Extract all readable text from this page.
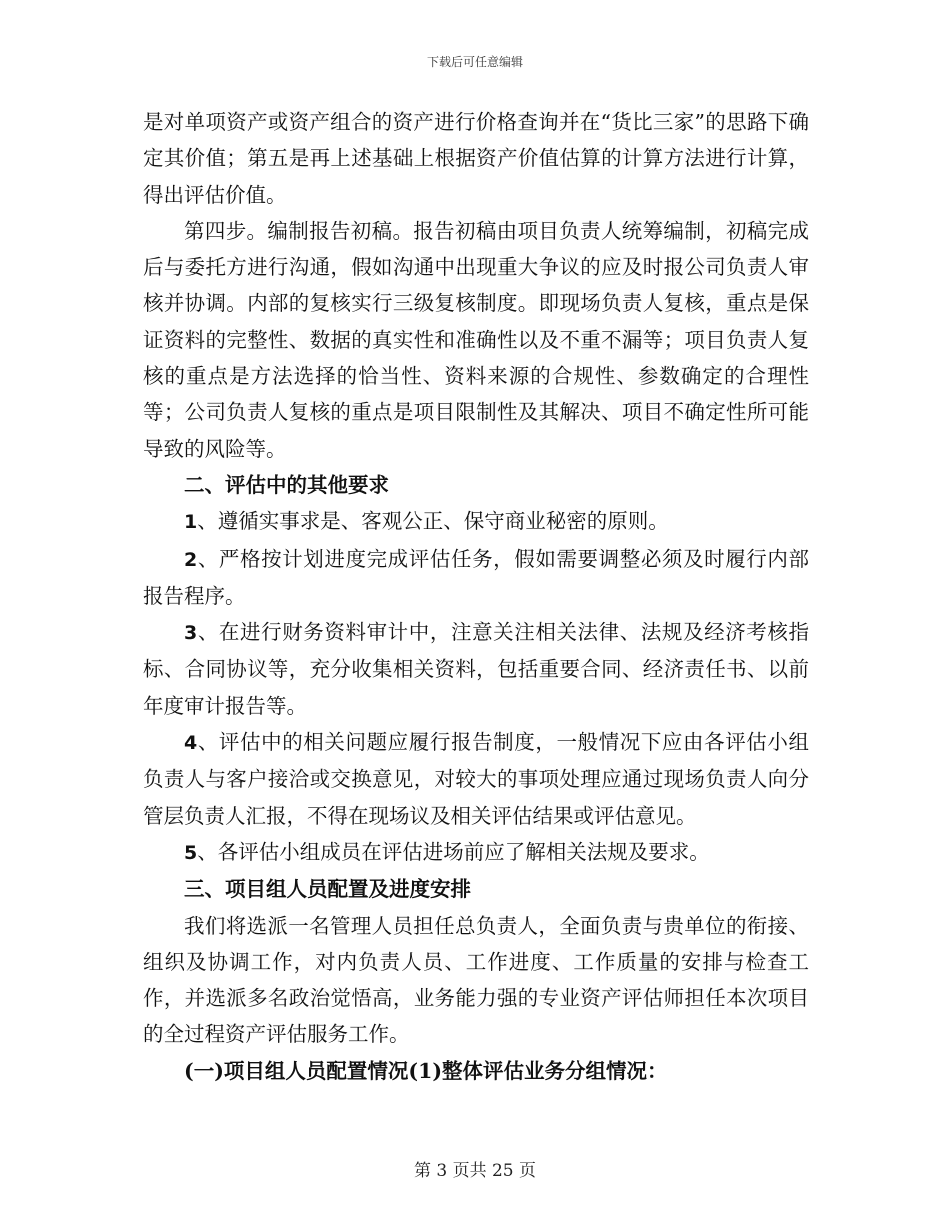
下载后可任意编辑

是对单项资产或资产组合的资产进行价格查询并在“货比三家”的思路下确定其价值；第五是再上述基础上根据资产价值估算的计算方法进行计算，得出评估价值。

第四步。编制报告初稿。报告初稿由项目负责人统筹编制，初稿完成后与委托方进行沟通，假如沟通中出现重大争议的应及时报公司负责人审核并协调。内部的复核实行三级复核制度。即现场负责人复核，重点是保证资料的完整性、数据的真实性和准确性以及不重不漏等；项目负责人复核的重点是方法选择的恰当性、资料来源的合规性、参数确定的合理性等；公司负责人复核的重点是项目限制性及其解决、项目不确定性所可能导致的风险等。

二、评估中的其他要求

1、遵循实事求是、客观公正、保守商业秘密的原则。

2、严格按计划进度完成评估任务，假如需要调整必须及时履行内部报告程序。

3、在进行财务资料审计中，注意关注相关法律、法规及经济考核指标、合同协议等，充分收集相关资料，包括重要合同、经济责任书、以前年度审计报告等。

4、评估中的相关问题应履行报告制度，一般情况下应由各评估小组负责人与客户接洽或交换意见，对较大的事项处理应通过现场负责人向分管层负责人汇报，不得在现场议及相关评估结果或评估意见。

5、各评估小组成员在评估进场前应了解相关法规及要求。

三、项目组人员配置及进度安排

我们将选派一名管理人员担任总负责人，全面负责与贵单位的衔接、组织及协调工作，对内负责人员、工作进度、工作质量的安排与检查工作，并选派多名政治觉悟高，业务能力强的专业资产评估师担任本次项目的全过程资产评估服务工作。

(一)项目组人员配置情况(1)整体评估业务分组情况：

第 3 页共 25 页
